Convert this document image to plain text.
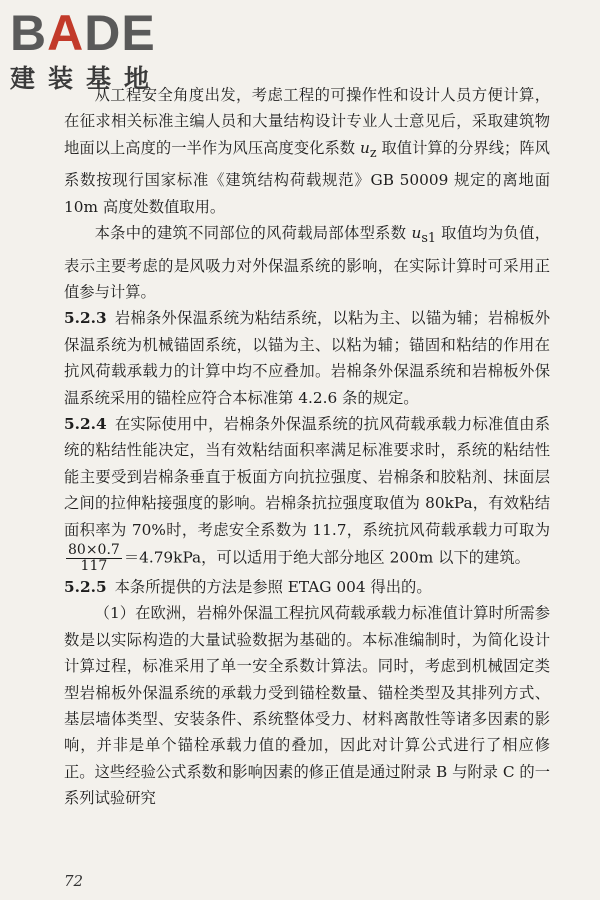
B A DE
建装基地

从工程安全角度出发，考虑工程的可操作性和设计人员方便计算，在征求相关标准主编人员和大量结构设计专业人士意见后，采取建筑物地面以上高度的一半作为风压高度变化系数 $u_z$ 取值计算的分界线；阵风系数按现行国家标准《建筑结构荷载规范》GB 50009 规定的离地面 10m 高度处数值取用。

本条中的建筑不同部位的风荷载局部体型系数 $u_{s1}$ 取值均为负值，表示主要考虑的是风吸力对外保温系统的影响，在实际计算时可采用正值参与计算。

5.2.3 岩棉条外保温系统为粘结系统，以粘为主、以锚为辅；岩棉板外保温系统为机械锚固系统，以锚为主、以粘为辅；锚固和粘结的作用在抗风荷载承载力的计算中均不应叠加。岩棉条外保温系统和岩棉板外保温系统采用的锚栓应符合本标准第 4.2.6 条的规定。

5.2.4 在实际使用中，岩棉条外保温系统的抗风荷载承载力标准值由系统的粘结性能决定，当有效粘结面积率满足标准要求时，系统的粘结性能主要受到岩棉条垂直于板面方向抗拉强度、岩棉条和胶粘剂、抹面层之间的拉伸粘接强度的影响。岩棉条抗拉强度取值为 80kPa，有效粘结面积率为 70%时，考虑安全系数为 11.7，系统抗风荷载承载力可取为
$\frac{80\times 0.7}{117} =4.79kPa$，可以适用于绝大部分地区 200m 以下的建筑。

5.2.5 本条所提供的方法是参照 ETAG 004 得出的。

（1）在欧洲，岩棉外保温工程抗风荷载承载力标准值计算时所需参数是以实际构造的大量试验数据为基础的。本标准编制时，为简化设计计算过程，标准采用了单一安全系数计算法。同时，考虑到机械固定类型岩棉板外保温系统的承载力受到锚栓数量、锚栓类型及其排列方式、基层墙体类型、安装条件、系统整体受力、材料离散性等诸多因素的影响，并非是单个锚栓承载力值的叠加，因此对计算公式进行了相应修正。这些经验公式系数和影响因素的修正值是通过附录 B 与附录 C 的一系列试验研究

72
